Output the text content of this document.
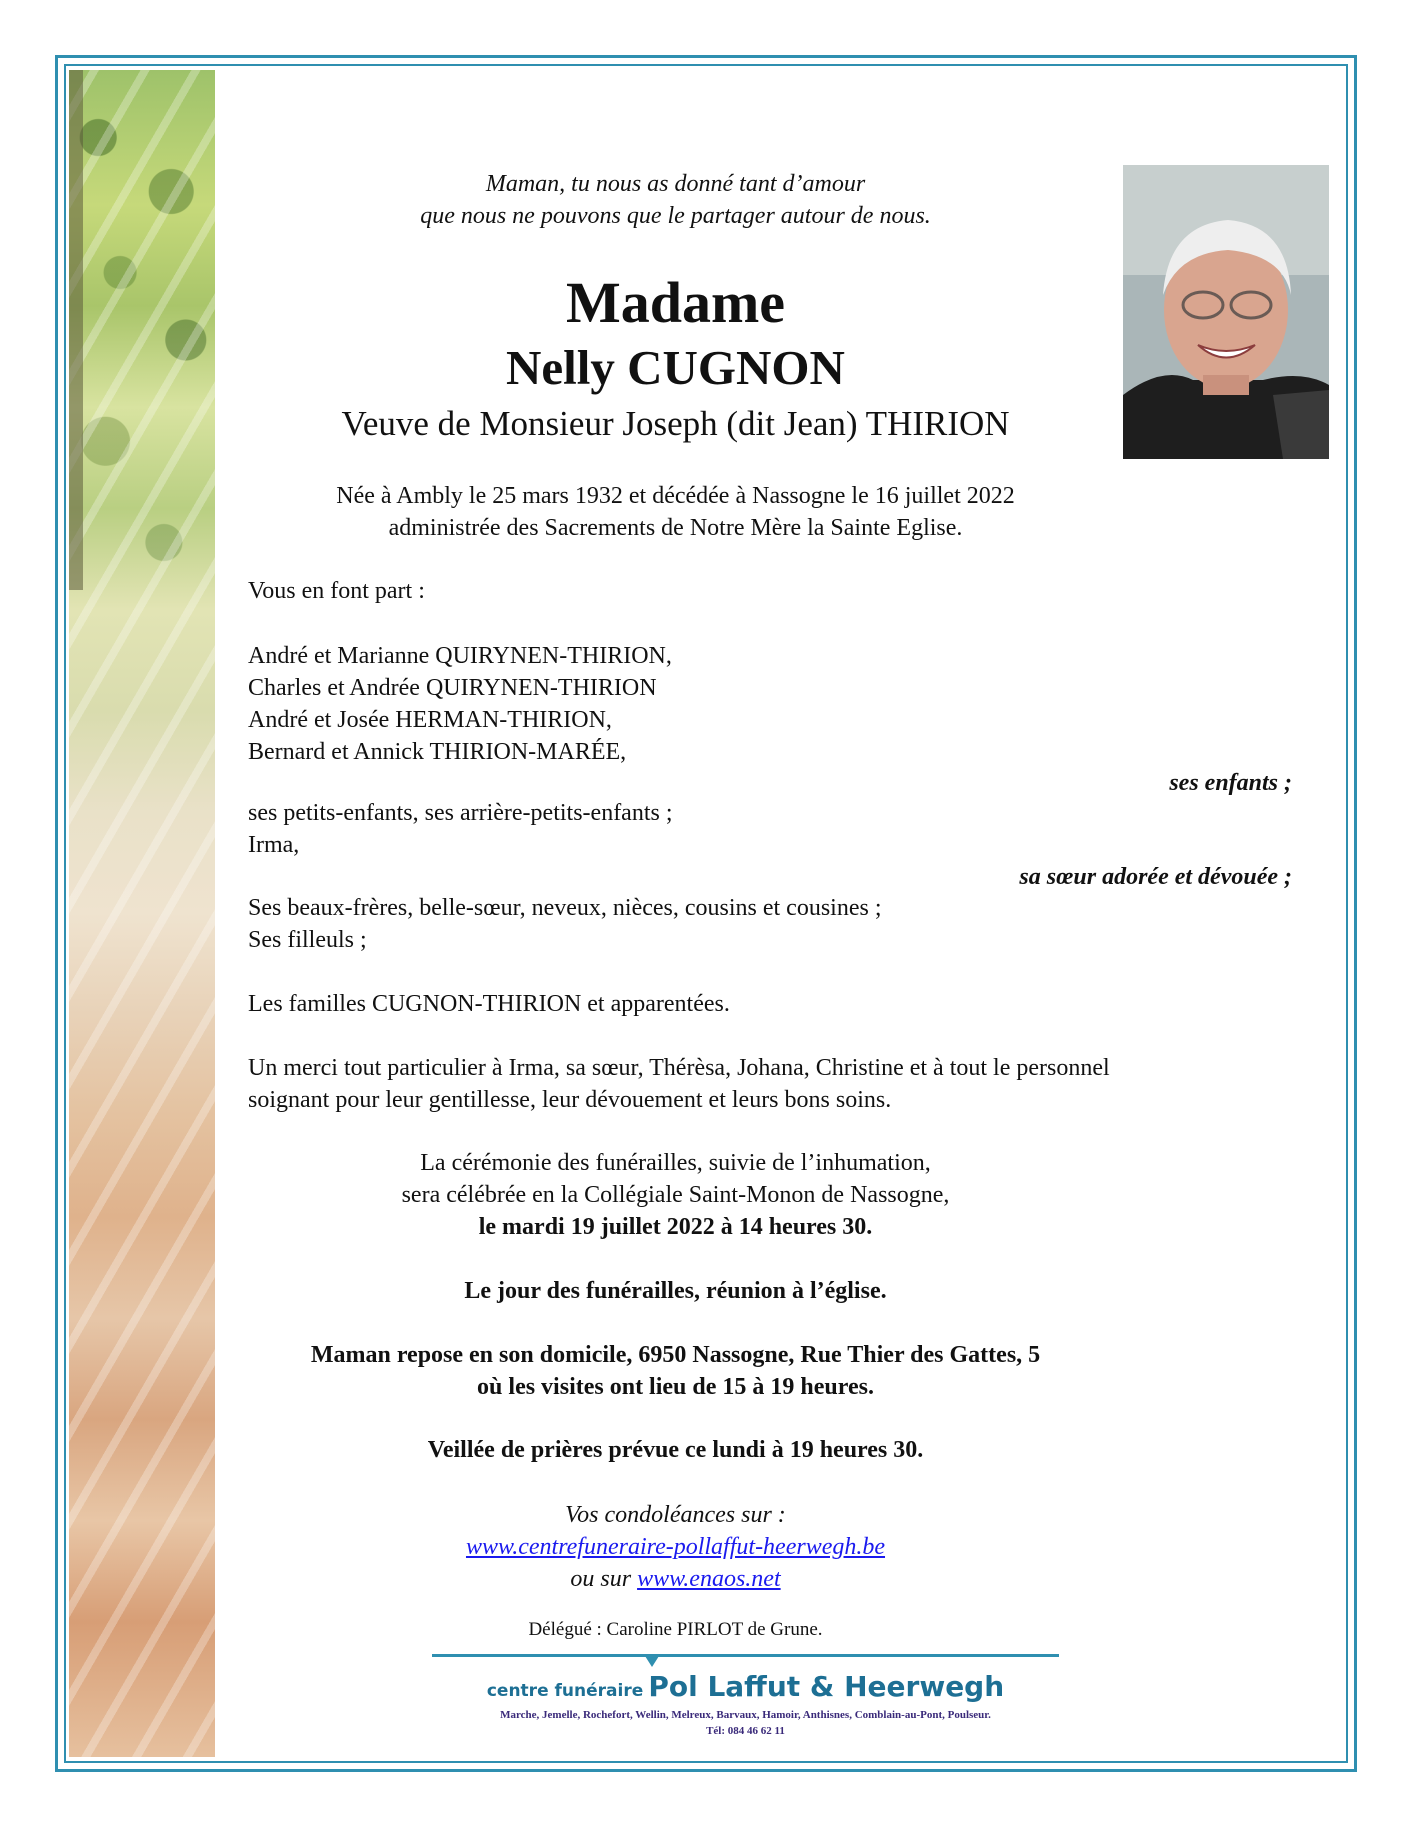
Maman, tu nous as donné tant d’amour
que nous ne pouvons que le partager autour de nous.
Madame
Nelly CUGNON
Veuve de Monsieur Joseph (dit Jean) THIRION
Née à Ambly le 25 mars 1932 et décédée à Nassogne le 16 juillet 2022
administrée des Sacrements de Notre Mère la Sainte Eglise.
Vous en font part :
André et Marianne QUIRYNEN-THIRION,
Charles et Andrée QUIRYNEN-THIRION
André et Josée HERMAN-THIRION,
Bernard et Annick THIRION-MARÉE,
ses enfants ;
ses petits-enfants, ses arrière-petits-enfants ;
Irma,
sa sœur adorée et dévouée ;
Ses beaux-frères, belle-sœur, neveux, nièces, cousins et cousines ;
Ses filleuls ;
Les familles CUGNON-THIRION et apparentées.
Un merci tout particulier à Irma, sa sœur, Thérèsa, Johana, Christine et à tout le personnel
soignant pour leur gentillesse, leur dévouement et leurs bons soins.
La cérémonie des funérailles, suivie de l’inhumation,
sera célébrée en la Collégiale Saint-Monon de Nassogne,
le mardi 19 juillet 2022 à 14 heures 30.
Le jour des funérailles, réunion à l’église.
Maman repose en son domicile, 6950 Nassogne, Rue Thier des Gattes, 5
où les visites ont lieu de 15 à 19 heures.
Veillée de prières prévue ce lundi à 19 heures 30.
Vos condoléances sur :
www.centrefuneraire-pollaffut-heerwegh.be
ou sur www.enaos.net
Délégué : Caroline PIRLOT de Grune.
centre funéraire Pol Laffut & Heerwegh
Marche, Jemelle, Rochefort, Wellin, Melreux, Barvaux, Hamoir, Anthisnes, Comblain-au-Pont, Poulseur.
Tél: 084 46 62 11
